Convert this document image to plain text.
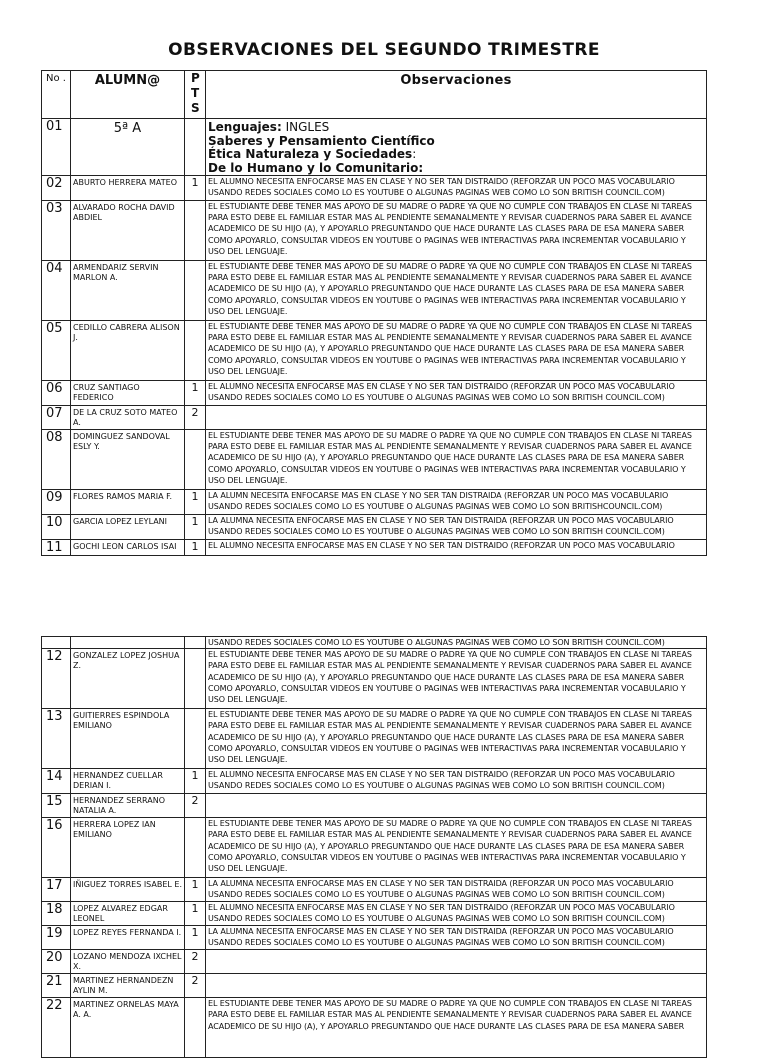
OBSERVACIONES DEL SEGUNDO TRIMESTRE
No .	ALUMN@	PTS	Observaciones
01	5ª A		Lenguajes: INGLES
Saberes y Pensamiento Científico
Ética Naturaleza y Sociedades:
De lo Humano y lo Comunitario:

02	ABURTO HERRERA MATEO	1	EL ALUMNO NECESITA ENFOCARSE MAS EN CLASE Y NO SER TAN DISTRAIDO (REFORZAR UN POCO MAS VOCABULARIO USANDO REDES SOCIALES COMO LO ES YOUTUBE O ALGUNAS PAGINAS WEB COMO LO SON BRITISH COUNCIL.COM)
03	ALVARADO ROCHA DAVID ABDIEL		EL ESTUDIANTE DEBE TENER MAS APOYO DE SU MADRE O PADRE YA QUE NO CUMPLE CON TRABAJOS EN CLASE NI TAREAS PARA ESTO DEBE EL FAMILIAR ESTAR MAS AL PENDIENTE SEMANALMENTE Y REVISAR CUADERNOS PARA SABER EL AVANCE ACADEMICO DE SU HIJO (A), Y APOYARLO PREGUNTANDO QUE HACE DURANTE LAS CLASES PARA DE ESA MANERA SABER COMO APOYARLO, CONSULTAR VIDEOS EN YOUTUBE O PAGINAS WEB INTERACTIVAS PARA INCREMENTAR VOCABULARIO Y USO DEL LENGUAJE.
04	ARMENDARIZ SERVIN MARLON A.		EL ESTUDIANTE DEBE TENER MAS APOYO DE SU MADRE O PADRE YA QUE NO CUMPLE CON TRABAJOS EN CLASE NI TAREAS PARA ESTO DEBE EL FAMILIAR ESTAR MAS AL PENDIENTE SEMANALMENTE Y REVISAR CUADERNOS PARA SABER EL AVANCE ACADEMICO DE SU HIJO (A), Y APOYARLO PREGUNTANDO QUE HACE DURANTE LAS CLASES PARA DE ESA MANERA SABER COMO APOYARLO, CONSULTAR VIDEOS EN YOUTUBE O PAGINAS WEB INTERACTIVAS PARA INCREMENTAR VOCABULARIO Y USO DEL LENGUAJE.
05	CEDILLO CABRERA ALISON J.		EL ESTUDIANTE DEBE TENER MAS APOYO DE SU MADRE O PADRE YA QUE NO CUMPLE CON TRABAJOS EN CLASE NI TAREAS PARA ESTO DEBE EL FAMILIAR ESTAR MAS AL PENDIENTE SEMANALMENTE Y REVISAR CUADERNOS PARA SABER EL AVANCE ACADEMICO DE SU HIJO (A), Y APOYARLO PREGUNTANDO QUE HACE DURANTE LAS CLASES PARA DE ESA MANERA SABER COMO APOYARLO, CONSULTAR VIDEOS EN YOUTUBE O PAGINAS WEB INTERACTIVAS PARA INCREMENTAR VOCABULARIO Y USO DEL LENGUAJE.
06	CRUZ SANTIAGO FEDERICO	1	EL ALUMNO NECESITA ENFOCARSE MAS EN CLASE Y NO SER TAN DISTRAIDO (REFORZAR UN POCO MAS VOCABULARIO USANDO REDES SOCIALES COMO LO ES YOUTUBE O ALGUNAS PAGINAS WEB COMO LO SON BRITISH COUNCIL.COM)
07	DE LA CRUZ SOTO MATEO A.	2	
08	DOMINGUEZ SANDOVAL ESLY Y.		EL ESTUDIANTE DEBE TENER MAS APOYO DE SU MADRE O PADRE YA QUE NO CUMPLE CON TRABAJOS EN CLASE NI TAREAS PARA ESTO DEBE EL FAMILIAR ESTAR MAS AL PENDIENTE SEMANALMENTE Y REVISAR CUADERNOS PARA SABER EL AVANCE ACADEMICO DE SU HIJO (A), Y APOYARLO PREGUNTANDO QUE HACE DURANTE LAS CLASES PARA DE ESA MANERA SABER COMO APOYARLO, CONSULTAR VIDEOS EN YOUTUBE O PAGINAS WEB INTERACTIVAS PARA INCREMENTAR VOCABULARIO Y USO DEL LENGUAJE.
09	FLORES RAMOS MARIA F.	1	LA ALUMN NECESITA ENFOCARSE MAS EN CLASE Y NO SER TAN DISTRAIDA (REFORZAR UN POCO MAS VOCABULARIO USANDO REDES SOCIALES COMO LO ES YOUTUBE O ALGUNAS PAGINAS WEB COMO LO SON BRITISHCOUNCIL.COM)
10	GARCIA LOPEZ LEYLANI	1	LA ALUMNA NECESITA ENFOCARSE MAS EN CLASE Y NO SER TAN DISTRAIDA (REFORZAR UN POCO MAS VOCABULARIO USANDO REDES SOCIALES COMO LO ES YOUTUBE O ALGUNAS PAGINAS WEB COMO LO SON BRITISH COUNCIL.COM)
11	GOCHI LEON CARLOS ISAI	1	EL ALUMNO NECESITA ENFOCARSE MAS EN CLASE Y NO SER TAN DISTRAIDO (REFORZAR UN POCO MAS VOCABULARIO
			USANDO REDES SOCIALES COMO LO ES YOUTUBE O ALGUNAS PAGINAS WEB COMO LO SON BRITISH COUNCIL.COM)
12	GONZALEZ LOPEZ JOSHUA Z.		EL ESTUDIANTE DEBE TENER MAS APOYO DE SU MADRE O PADRE YA QUE NO CUMPLE CON TRABAJOS EN CLASE NI TAREAS PARA ESTO DEBE EL FAMILIAR ESTAR MAS AL PENDIENTE SEMANALMENTE Y REVISAR CUADERNOS PARA SABER EL AVANCE ACADEMICO DE SU HIJO (A), Y APOYARLO PREGUNTANDO QUE HACE DURANTE LAS CLASES PARA DE ESA MANERA SABER COMO APOYARLO, CONSULTAR VIDEOS EN YOUTUBE O PAGINAS WEB INTERACTIVAS PARA INCREMENTAR VOCABULARIO Y USO DEL LENGUAJE.
13	GUITIERRES ESPINDOLA EMILIANO		EL ESTUDIANTE DEBE TENER MAS APOYO DE SU MADRE O PADRE YA QUE NO CUMPLE CON TRABAJOS EN CLASE NI TAREAS PARA ESTO DEBE EL FAMILIAR ESTAR MAS AL PENDIENTE SEMANALMENTE Y REVISAR CUADERNOS PARA SABER EL AVANCE ACADEMICO DE SU HIJO (A), Y APOYARLO PREGUNTANDO QUE HACE DURANTE LAS CLASES PARA DE ESA MANERA SABER COMO APOYARLO, CONSULTAR VIDEOS EN YOUTUBE O PAGINAS WEB INTERACTIVAS PARA INCREMENTAR VOCABULARIO Y USO DEL LENGUAJE.
14	HERNANDEZ CUELLAR DERIAN I.	1	EL ALUMNO NECESITA ENFOCARSE MAS EN CLASE Y NO SER TAN DISTRAIDO (REFORZAR UN POCO MAS VOCABULARIO USANDO REDES SOCIALES COMO LO ES YOUTUBE O ALGUNAS PAGINAS WEB COMO LO SON BRITISH COUNCIL.COM)
15	HERNANDEZ SERRANO NATALIA A.	2	
16	HERRERA LOPEZ IAN EMILIANO		EL ESTUDIANTE DEBE TENER MAS APOYO DE SU MADRE O PADRE YA QUE NO CUMPLE CON TRABAJOS EN CLASE NI TAREAS PARA ESTO DEBE EL FAMILIAR ESTAR MAS AL PENDIENTE SEMANALMENTE Y REVISAR CUADERNOS PARA SABER EL AVANCE ACADEMICO DE SU HIJO (A), Y APOYARLO PREGUNTANDO QUE HACE DURANTE LAS CLASES PARA DE ESA MANERA SABER COMO APOYARLO, CONSULTAR VIDEOS EN YOUTUBE O PAGINAS WEB INTERACTIVAS PARA INCREMENTAR VOCABULARIO Y USO DEL LENGUAJE.
17	IÑIGUEZ TORRES ISABEL E.	1	LA ALUMNA NECESITA ENFOCARSE MAS EN CLASE Y NO SER TAN DISTRAIDA (REFORZAR UN POCO MAS VOCABULARIO USANDO REDES SOCIALES COMO LO ES YOUTUBE O ALGUNAS PAGINAS WEB COMO LO SON BRITISH COUNCIL.COM)
18	LOPEZ ALVAREZ EDGAR LEONEL	1	EL ALUMNO NECESITA ENFOCARSE MAS EN CLASE Y NO SER TAN DISTRAIDO (REFORZAR UN POCO MAS VOCABULARIO USANDO REDES SOCIALES COMO LO ES YOUTUBE O ALGUNAS PAGINAS WEB COMO LO SON BRITISH COUNCIL.COM)
19	LOPEZ REYES FERNANDA I.	1	LA ALUMNA NECESITA ENFOCARSE MAS EN CLASE Y NO SER TAN DISTRAIDA (REFORZAR UN POCO MAS VOCABULARIO USANDO REDES SOCIALES COMO LO ES YOUTUBE O ALGUNAS PAGINAS WEB COMO LO SON BRITISH COUNCIL.COM)
20	LOZANO MENDOZA IXCHEL X.	2	
21	MARTINEZ HERNANDEZN AYLIN M.	2	
22	MARTINEZ ORNELAS MAYA A. A.		EL ESTUDIANTE DEBE TENER MAS APOYO DE SU MADRE O PADRE YA QUE NO CUMPLE CON TRABAJOS EN CLASE NI TAREAS PARA ESTO DEBE EL FAMILIAR ESTAR MAS AL PENDIENTE SEMANALMENTE Y REVISAR CUADERNOS PARA SABER EL AVANCE ACADEMICO DE SU HIJO (A), Y APOYARLO PREGUNTANDO QUE HACE DURANTE LAS CLASES PARA DE ESA MANERA SABER
